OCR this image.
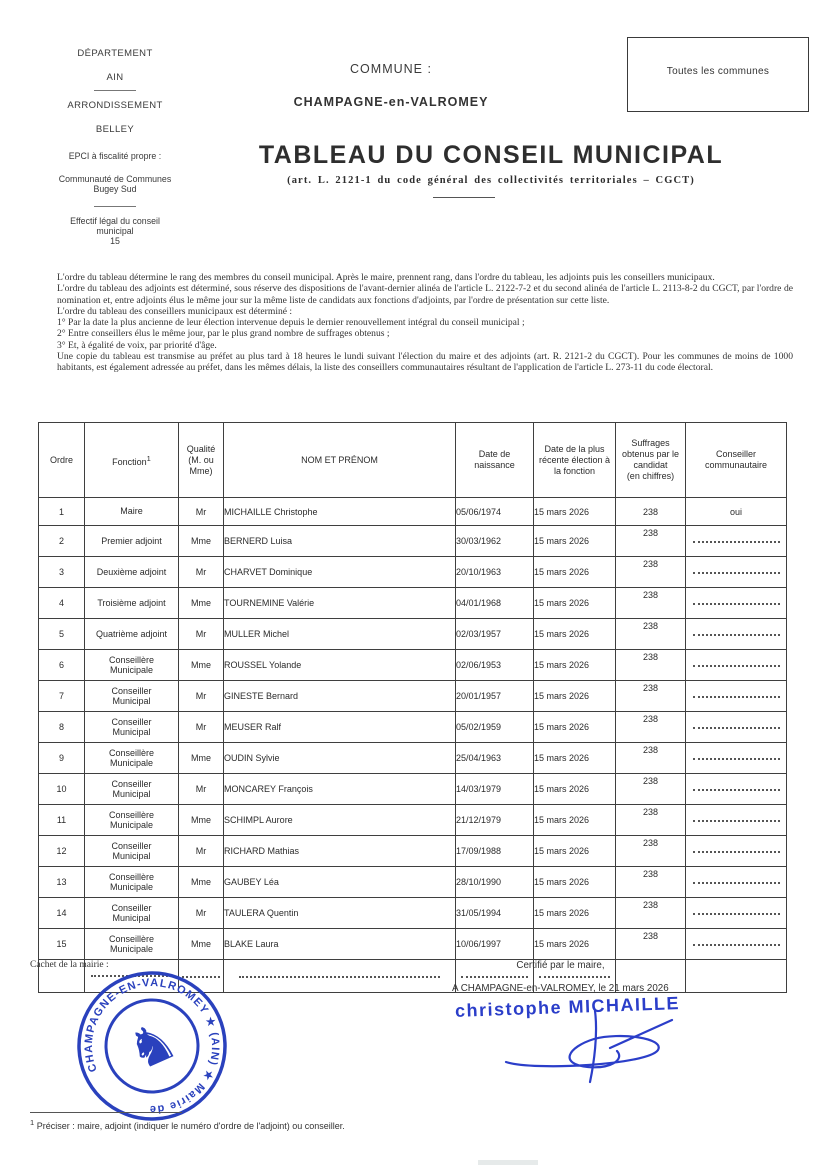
DÉPARTEMENT
AIN
ARRONDISSEMENT
BELLEY
EPCI à fiscalité propre :
Communauté de Communes
Bugey Sud
Effectif légal du conseil
municipal
15
COMMUNE :
CHAMPAGNE-en-VALROMEY
TABLEAU DU CONSEIL MUNICIPAL
(art. L. 2121-1 du code général des collectivités territoriales – CGCT)
Toutes les communes

L'ordre du tableau détermine le rang des membres du conseil municipal. Après le maire, prennent rang, dans l'ordre du tableau, les adjoints puis les conseillers municipaux.

L'ordre du tableau des adjoints est déterminé, sous réserve des dispositions de l'avant-dernier alinéa de l'article L. 2122-7-2 et du second alinéa de l'article L. 2113-8-2 du CGCT, par l'ordre de nomination et, entre adjoints élus le même jour sur la même liste de candidats aux fonctions d'adjoints, par l'ordre de présentation sur cette liste.

L'ordre du tableau des conseillers municipaux est déterminé :

1° Par la date la plus ancienne de leur élection intervenue depuis le dernier renouvellement intégral du conseil municipal ;

2° Entre conseillers élus le même jour, par le plus grand nombre de suffrages obtenus ;

3° Et, à égalité de voix, par priorité d'âge.

Une copie du tableau est transmise au préfet au plus tard à 18 heures le lundi suivant l'élection du maire et des adjoints (art. R. 2121-2 du CGCT). Pour les communes de moins de 1000 habitants, est également adressée au préfet, dans les mêmes délais, la liste des conseillers communautaires résultant de l'application de l'article L. 273-11 du code électoral.

Ordre	Fonction$^1$	Qualité
(M. ou
Mme)	NOM ET PRÉNOM	Date de
naissance	Date de la plus
récente élection à
la fonction	Suffrages
obtenus par le
candidat
(en chiffres)	Conseiller
communautaire
1	Maire	Mr	MICHAILLE Christophe	05/06/1974	15 mars 2026	238	oui
2	Premier adjoint	Mme	BERNERD Luisa	30/03/1962	15 mars 2026	238	
3	Deuxième adjoint	Mr	CHARVET Dominique	20/10/1963	15 mars 2026	238	
4	Troisième adjoint	Mme	TOURNEMINE Valérie	04/01/1968	15 mars 2026	238	
5	Quatrième adjoint	Mr	MULLER Michel	02/03/1957	15 mars 2026	238	
6	Conseillère
Municipale	Mme	ROUSSEL Yolande	02/06/1953	15 mars 2026	238	
7	Conseiller
Municipal	Mr	GINESTE Bernard	20/01/1957	15 mars 2026	238	
8	Conseiller
Municipal	Mr	MEUSER Ralf	05/02/1959	15 mars 2026	238	
9	Conseillère
Municipale	Mme	OUDIN Sylvie	25/04/1963	15 mars 2026	238	
10	Conseiller
Municipal	Mr	MONCAREY François	14/03/1979	15 mars 2026	238	
11	Conseillère
Municipale	Mme	SCHIMPL Aurore	21/12/1979	15 mars 2026	238	
12	Conseiller
Municipal	Mr	RICHARD Mathias	17/09/1988	15 mars 2026	238	
13	Conseillère
Municipale	Mme	GAUBEY Léa	28/10/1990	15 mars 2026	238	
14	Conseiller
Municipal	Mr	TAULERA Quentin	31/05/1994	15 mars 2026	238	
15	Conseillère
Municipale	Mme	BLAKE Laura	10/06/1997	15 mars 2026	238	

Cachet de la mairie :
CHAMPAGNE-EN-VALROMEY ★ (AIN) ★ Mairie de
♞
Certifié par le maire,
A CHAMPAGNE-en-VALROMEY, le 21 mars 2026
christophe MICHAILLE
$^1$ Préciser : maire, adjoint (indiquer le numéro d'ordre de l'adjoint) ou conseiller.
